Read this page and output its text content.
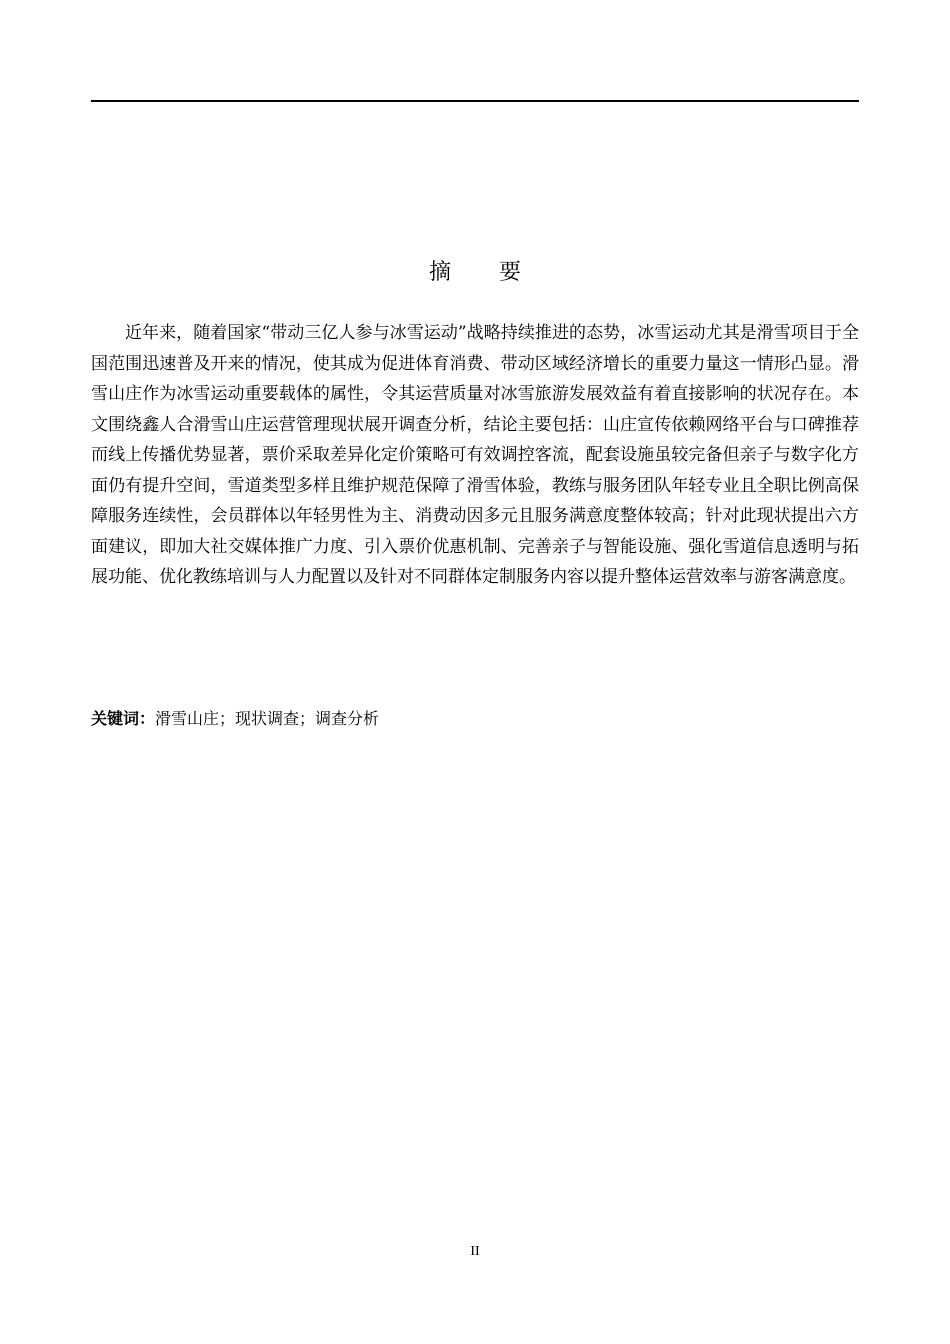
摘 要

近年来，随着国家“带动三亿人参与冰雪运动”战略持续推进的态势，冰雪运动尤其是滑雪项目于全国范围迅速普及开来的情况，使其成为促进体育消费、带动区域经济增长的重要力量这一情形凸显。滑雪山庄作为冰雪运动重要载体的属性，令其运营质量对冰雪旅游发展效益有着直接影响的状况存在。本文围绕鑫人合滑雪山庄运营管理现状展开调查分析，结论主要包括：山庄宣传依赖网络平台与口碑推荐而线上传播优势显著，票价采取差异化定价策略可有效调控客流，配套设施虽较完备但亲子与数字化方面仍有提升空间，雪道类型多样且维护规范保障了滑雪体验，教练与服务团队年轻专业且全职比例高保障服务连续性，会员群体以年轻男性为主、消费动因多元且服务满意度整体较高；针对此现状提出六方面建议，即加大社交媒体推广力度、引入票价优惠机制、完善亲子与智能设施、强化雪道信息透明与拓展功能、优化教练培训与人力配置以及针对不同群体定制服务内容以提升整体运营效率与游客满意度。

关键词：滑雪山庄；现状调查；调查分析

II
